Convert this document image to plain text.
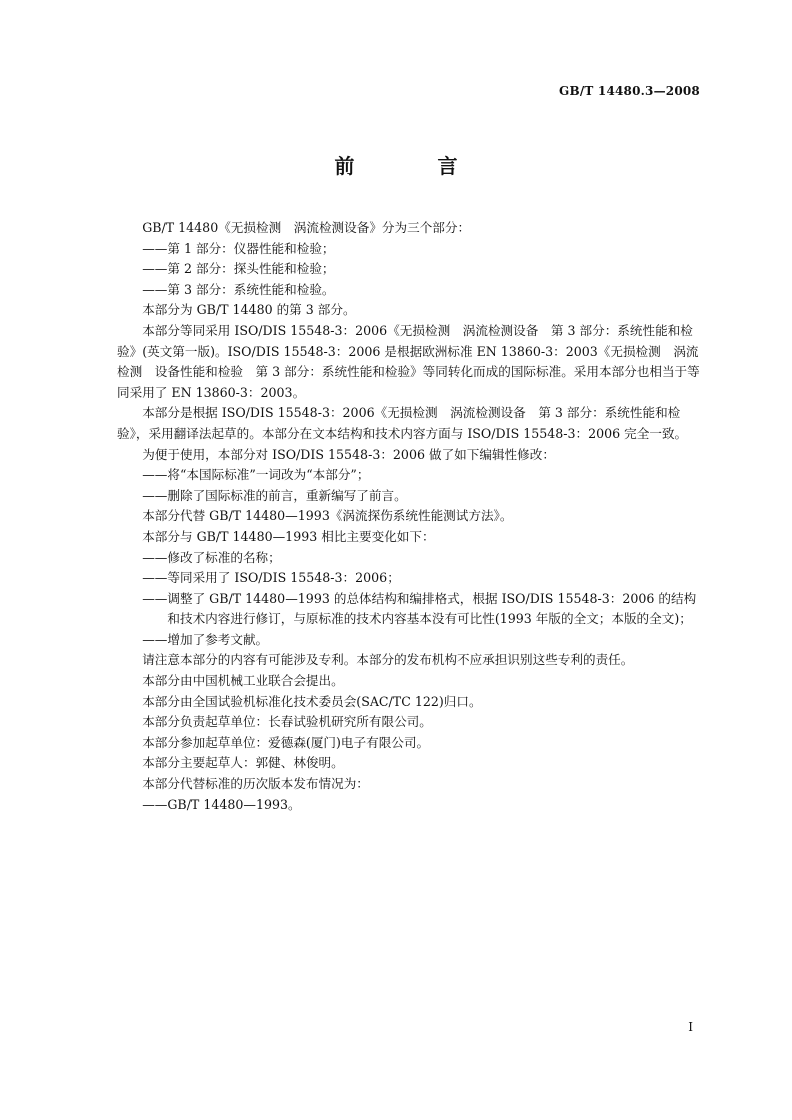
GB/T 14480.3—2008
前 言

GB/T 14480《无损检测　涡流检测设备》分为三个部分：

——第 1 部分：仪器性能和检验；

——第 2 部分：探头性能和检验；

——第 3 部分：系统性能和检验。

本部分为 GB/T 14480 的第 3 部分。

本部分等同采用 ISO/DIS 15548-3：2006《无损检测　涡流检测设备　第 3 部分：系统性能和检验》(英文第一版)。ISO/DIS 15548-3：2006 是根据欧洲标准 EN 13860-3：2003《无损检测　涡流检测　设备性能和检验　第 3 部分：系统性能和检验》等同转化而成的国际标准。采用本部分也相当于等同采用了 EN 13860-3：2003。

本部分是根据 ISO/DIS 15548-3：2006《无损检测　涡流检测设备　第 3 部分：系统性能和检验》，采用翻译法起草的。本部分在文本结构和技术内容方面与 ISO/DIS 15548-3：2006 完全一致。

为便于使用，本部分对 ISO/DIS 15548-3：2006 做了如下编辑性修改：

——将“本国际标准”一词改为“本部分”；

——删除了国际标准的前言，重新编写了前言。

本部分代替 GB/T 14480—1993《涡流探伤系统性能测试方法》。

本部分与 GB/T 14480—1993 相比主要变化如下：

——修改了标准的名称；

——等同采用了 ISO/DIS 15548-3：2006；

——调整了 GB/T 14480—1993 的总体结构和编排格式，根据 ISO/DIS 15548-3：2006 的结构和技术内容进行修订，与原标准的技术内容基本没有可比性(1993 年版的全文；本版的全文)；

——增加了参考文献。

请注意本部分的内容有可能涉及专利。本部分的发布机构不应承担识别这些专利的责任。

本部分由中国机械工业联合会提出。

本部分由全国试验机标准化技术委员会(SAC/TC 122)归口。

本部分负责起草单位：长春试验机研究所有限公司。

本部分参加起草单位：爱德森(厦门)电子有限公司。

本部分主要起草人：郭健、林俊明。

本部分代替标准的历次版本发布情况为：

——GB/T 14480—1993。

I
